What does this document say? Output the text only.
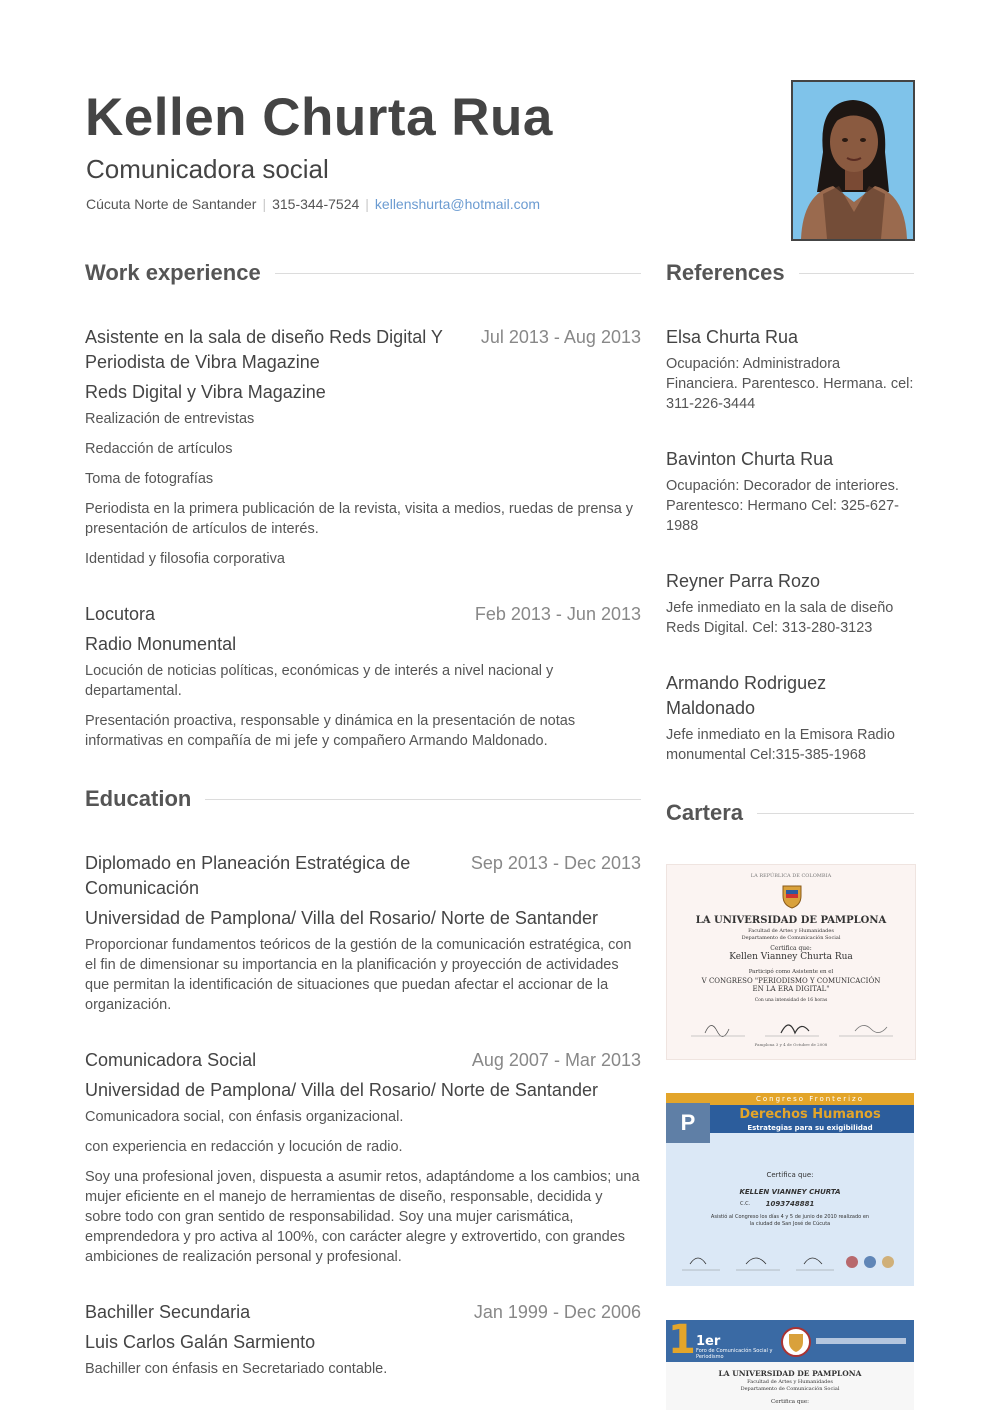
Kellen Churta Rua
Comunicadora social
Cúcuta Norte de Santander | 315-344-7524 | kellenshurta@hotmail.com
Work experience
Asistente en la sala de diseño Reds Digital Y Periodista de Vibra Magazine
Jul 2013 - Aug 2013
Reds Digital y Vibra Magazine

Realización de entrevistas

Redacción de artículos

Toma de fotografías

Periodista en la primera publicación de la revista, visita a medios, ruedas de prensa y presentación de artículos de interés.

Identidad y filosofia corporativa

Locutora	Feb 2013 - Jun 2013
Radio Monumental

Locución de noticias políticas, económicas y de interés a nivel nacional y departamental.

Presentación proactiva, responsable y dinámica en la presentación de notas informativas en compañía de mi jefe y compañero Armando Maldonado.

Education
Diplomado en Planeación Estratégica de Comunicación
Sep 2013 - Dec 2013
Universidad de Pamplona/ Villa del Rosario/ Norte de Santander

Proporcionar fundamentos teóricos de la gestión de la comunicación estratégica, con el fin de dimensionar su importancia en la planificación y proyección de actividades que permitan la identificación de situaciones que puedan afectar el accionar de la organización.

Comunicadora Social	Aug 2007 - Mar 2013
Universidad de Pamplona/ Villa del Rosario/ Norte de Santander

Comunicadora social, con énfasis organizacional.

con experiencia en redacción y locución de radio.

Soy una profesional joven, dispuesta a asumir retos, adaptándome a los cambios; una mujer eficiente en el manejo de herramientas de diseño, responsable, decidida y sobre todo con gran sentido de responsabilidad. Soy una mujer carismática, emprendedora y pro activa al 100%, con carácter alegre y extrovertido, con grandes ambiciones de realización personal y profesional.

Bachiller Secundaria	Jan 1999 - Dec 2006
Luis Carlos Galán Sarmiento

Bachiller con énfasis en Secretariado contable.

References
Elsa Churta Rua
Ocupación: Administradora Financiera. Parentesco. Hermana. cel: 311-226-3444
Bavinton Churta Rua
Ocupación: Decorador de interiores. Parentesco: Hermano Cel: 325-627-1988
Reyner Parra Rozo
Jefe inmediato en la sala de diseño Reds Digital. Cel: 313-280-3123
Armando Rodriguez Maldonado
Jefe inmediato en la Emisora Radio monumental Cel:315-385-1968
Cartera
LA REPÚBLICA DE COLOMBIA
LA UNIVERSIDAD DE PAMPLONA
Facultad de Artes y Humanidades
Departamento de Comunicación Social
Certifica que:
Kellen Vianney Churta Rua
Participó como Asistente en el
V CONGRESO "PERIODISMO Y COMUNICACIÓN EN LA ERA DIGITAL"
Con una intensidad de 16 horas
Pamplona 3 y 4 de Octubre de 2008
P
Congreso Fronterizo
Derechos Humanos
Estrategias para su exigibilidad
Certifica que:
KELLEN VIANNEY CHURTA
C.C.	1093748881
Asistió al Congreso los días 4 y 5 de junio de 2010 realizado en la ciudad de San José de Cúcuta
1 1er
Foro de Comunicación Social y Periodismo
LA UNIVERSIDAD DE PAMPLONA
Facultad de Artes y Humanidades
Departamento de Comunicación Social
Certifica que:
